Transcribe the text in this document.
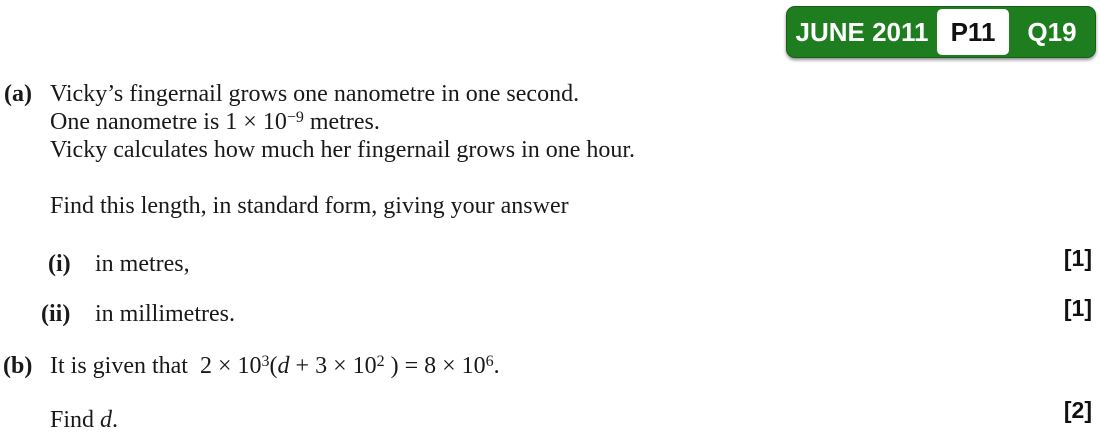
JUNE 2011 P11	Q19
(a) Vicky’s fingernail grows one nanometre in one second.
One nanometre is $1 \times 10^{-9}$ metres.
Vicky calculates how much her fingernail grows in one hour.
Find this length, in standard form, giving your answer
(i) in metres,	[1]
(ii) in millimetres.	[1]
(b) It is given that $2 \times 10^3(d + 3 \times 10^2$ ) = $8 \times 10^6$.
Find d.	[2]
